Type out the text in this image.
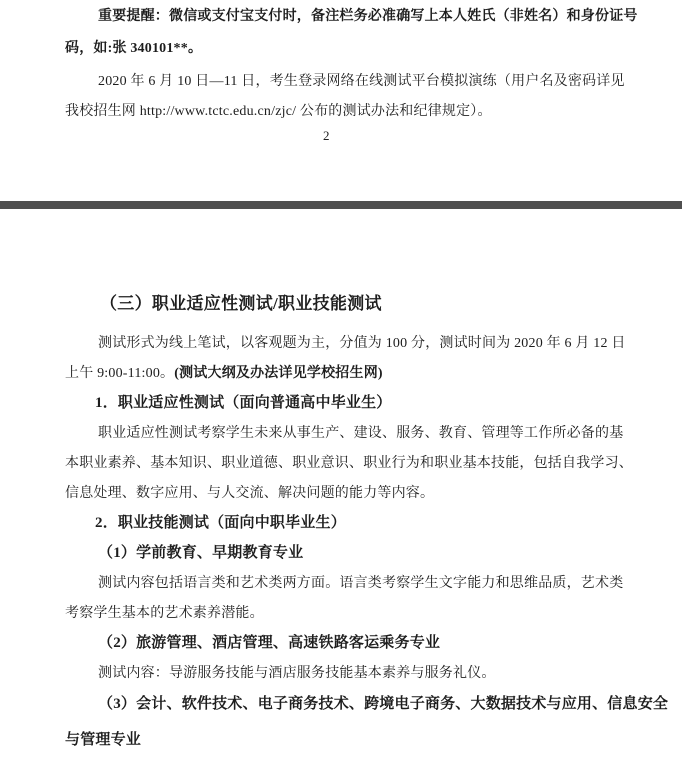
重要提醒：微信或支付宝支付时，备注栏务必准确写上本人姓氏（非姓名）和身份证号
码，如:张 340101**。
2020 年 6 月 10 日—11 日，考生登录网络在线测试平台模拟演练（用户名及密码详见
我校招生网 http://www.tctc.edu.cn/zjc/ 公布的测试办法和纪律规定）。
2
（三）职业适应性测试/职业技能测试
测试形式为线上笔试，以客观题为主，分值为 100 分，测试时间为 2020 年 6 月 12 日
上午 9:00-11:00。(测试大纲及办法详见学校招生网)
1．职业适应性测试（面向普通高中毕业生）
职业适应性测试考察学生未来从事生产、建设、服务、教育、管理等工作所必备的基
本职业素养、基本知识、职业道德、职业意识、职业行为和职业基本技能，包括自我学习、
信息处理、数字应用、与人交流、解决问题的能力等内容。
2．职业技能测试（面向中职毕业生）
（1）学前教育、早期教育专业
测试内容包括语言类和艺术类两方面。语言类考察学生文字能力和思维品质，艺术类
考察学生基本的艺术素养潜能。
（2）旅游管理、酒店管理、高速铁路客运乘务专业
测试内容：导游服务技能与酒店服务技能基本素养与服务礼仪。
（3）会计、软件技术、电子商务技术、跨境电子商务、大数据技术与应用、信息安全
与管理专业
